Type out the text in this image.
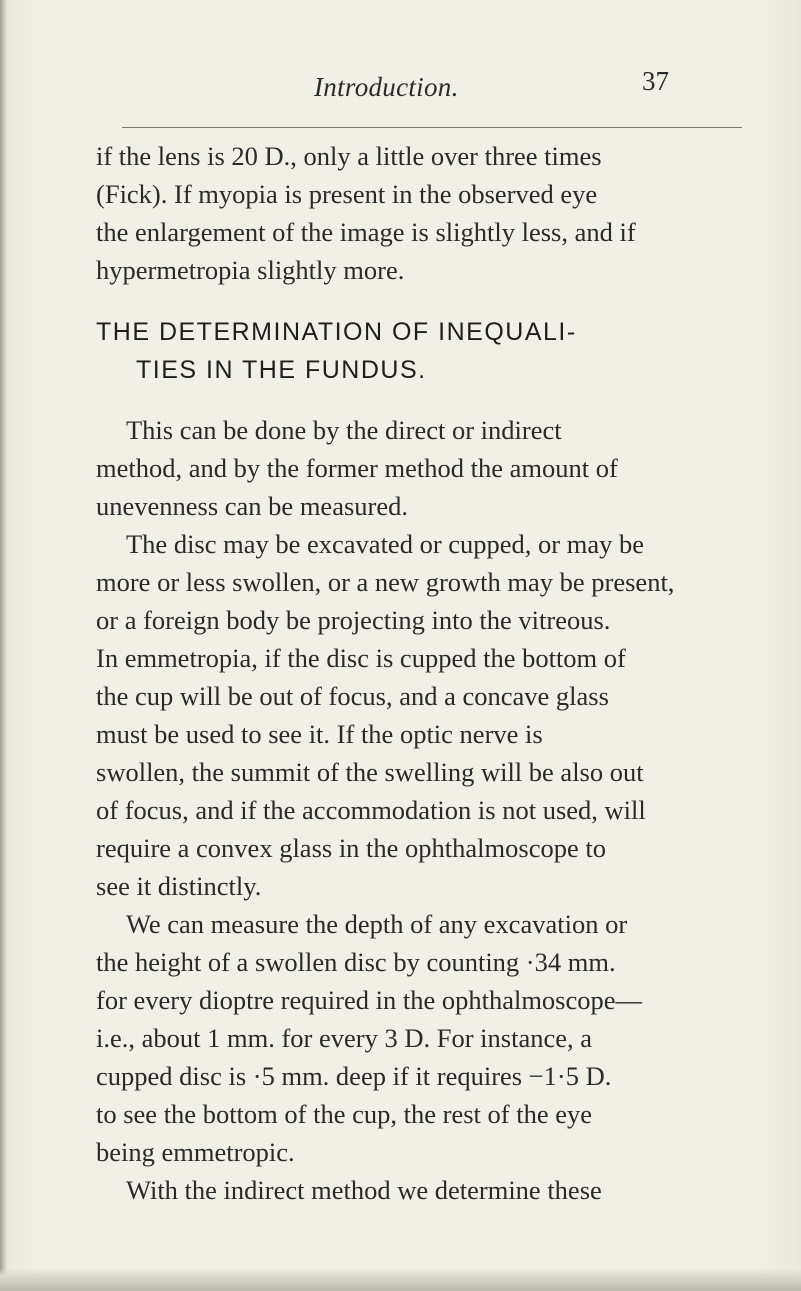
Introduction.	37
if the lens is 20 D., only a little over three times
(Fick). If myopia is present in the observed eye
the enlargement of the image is slightly less, and if
hypermetropia slightly more.
THE DETERMINATION OF INEQUALI-
TIES IN THE FUNDUS.
This can be done by the direct or indirect
method, and by the former method the amount of
unevenness can be measured.
The disc may be excavated or cupped, or may be
more or less swollen, or a new growth may be present,
or a foreign body be projecting into the vitreous.
In emmetropia, if the disc is cupped the bottom of
the cup will be out of focus, and a concave glass
must be used to see it. If the optic nerve is
swollen, the summit of the swelling will be also out
of focus, and if the accommodation is not used, will
require a convex glass in the ophthalmoscope to
see it distinctly.
We can measure the depth of any excavation or
the height of a swollen disc by counting ·34 mm.
for every dioptre required in the ophthalmoscope—
i.e., about 1 mm. for every 3 D. For instance, a
cupped disc is ·5 mm. deep if it requires −1·5 D.
to see the bottom of the cup, the rest of the eye
being emmetropic.
With the indirect method we determine these
